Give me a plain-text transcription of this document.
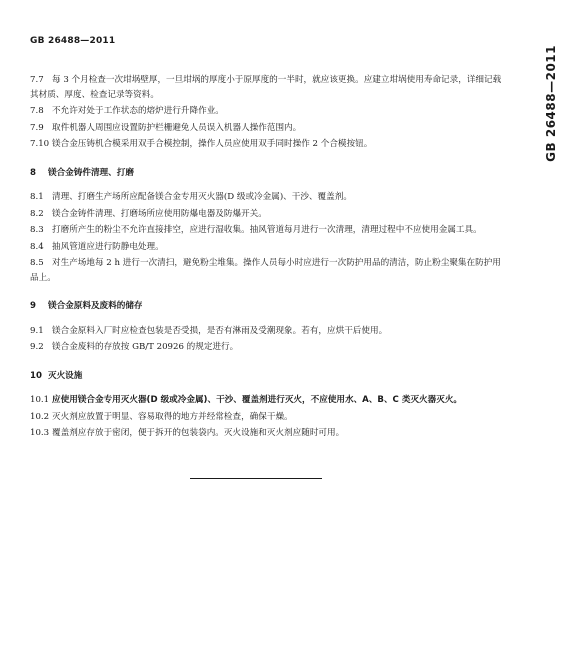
GB 26488—2011
GB 26488—2011

7.7 每 3 个月检查一次坩埚壁厚，一旦坩埚的厚度小于原厚度的一半时，就应该更换。应建立坩埚使用寿命记录，详细记载其材质、厚度、检查记录等资料。

7.8 不允许对处于工作状态的熔炉进行升降作业。

7.9 取件机器人周围应设置防护栏栅避免人员误入机器人操作范围内。

7.10 镁合金压铸机合模采用双手合模控制，操作人员应使用双手同时操作 2 个合模按钮。

8 镁合金铸件清理、打磨

8.1 清理、打磨生产场所应配备镁合金专用灭火器(D 级或冷金属)、干沙、覆盖剂。

8.2 镁合金铸件清理、打磨场所应使用防爆电器及防爆开关。

8.3 打磨所产生的粉尘不允许直接排空，应进行湿收集。抽风管道每月进行一次清理，清理过程中不应使用金属工具。

8.4 抽风管道应进行防静电处理。

8.5 对生产场地每 2 h 进行一次清扫，避免粉尘堆集。操作人员每小时应进行一次防护用品的清洁，防止粉尘聚集在防护用品上。

9 镁合金原料及废料的储存

9.1 镁合金原料入厂时应检查包装是否受损，是否有淋雨及受潮现象。若有，应烘干后使用。

9.2 镁合金废料的存放按 GB/T 20926 的规定进行。

10 灭火设施

10.1 应使用镁合金专用灭火器(D 级或冷金属)、干沙、覆盖剂进行灭火，不应使用水、A、B、C 类灭火器灭火。

10.2 灭火剂应放置于明显、容易取得的地方并经常检查，确保干燥。

10.3 覆盖剂应存放于密闭，便于拆开的包装袋内。灭火设施和灭火剂应随时可用。
